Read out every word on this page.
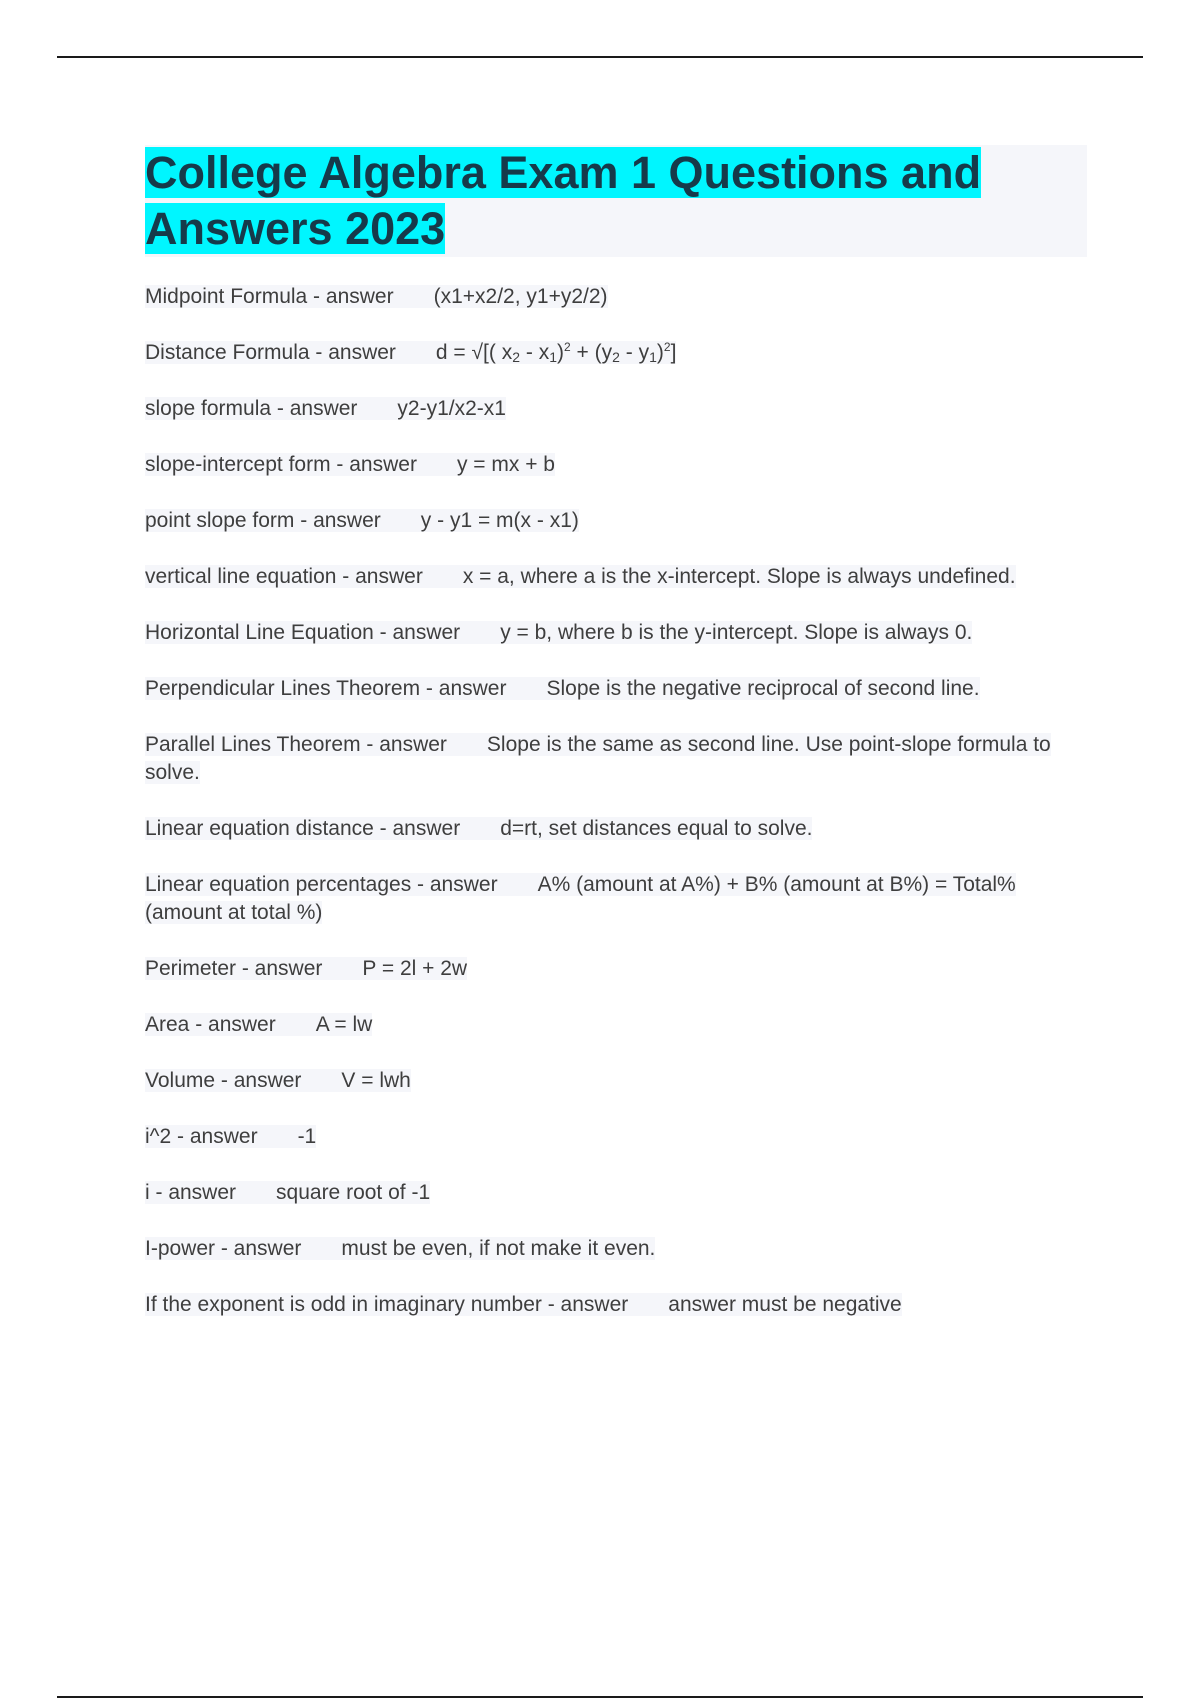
College Algebra Exam 1 Questions and
Answers 2023
Midpoint Formula - answer (x1+x2/2, y1+y2/2)
Distance Formula - answer d = √[( $x_2 - x_1)^2 + (y_2 - y_1)^2$]
slope formula - answer y2-y1/x2-x1
slope-intercept form - answer y = mx + b
point slope form - answer y - y1 = m(x - x1)
vertical line equation - answer x = a, where a is the x-intercept. Slope is always undefined.
Horizontal Line Equation - answer y = b, where b is the y-intercept. Slope is always 0.
Perpendicular Lines Theorem - answer Slope is the negative reciprocal of second line.
Parallel Lines Theorem - answer Slope is the same as second line. Use point-slope formula to solve.
Linear equation distance - answer d=rt, set distances equal to solve.
Linear equation percentages - answer A% (amount at A%) + B% (amount at B%) = Total% (amount at total %)
Perimeter - answer P = 2l + 2w
Area - answer A = lw
Volume - answer V = lwh
i^2 - answer -1
i - answer square root of -1
I-power - answer must be even, if not make it even.
If the exponent is odd in imaginary number - answer answer must be negative
